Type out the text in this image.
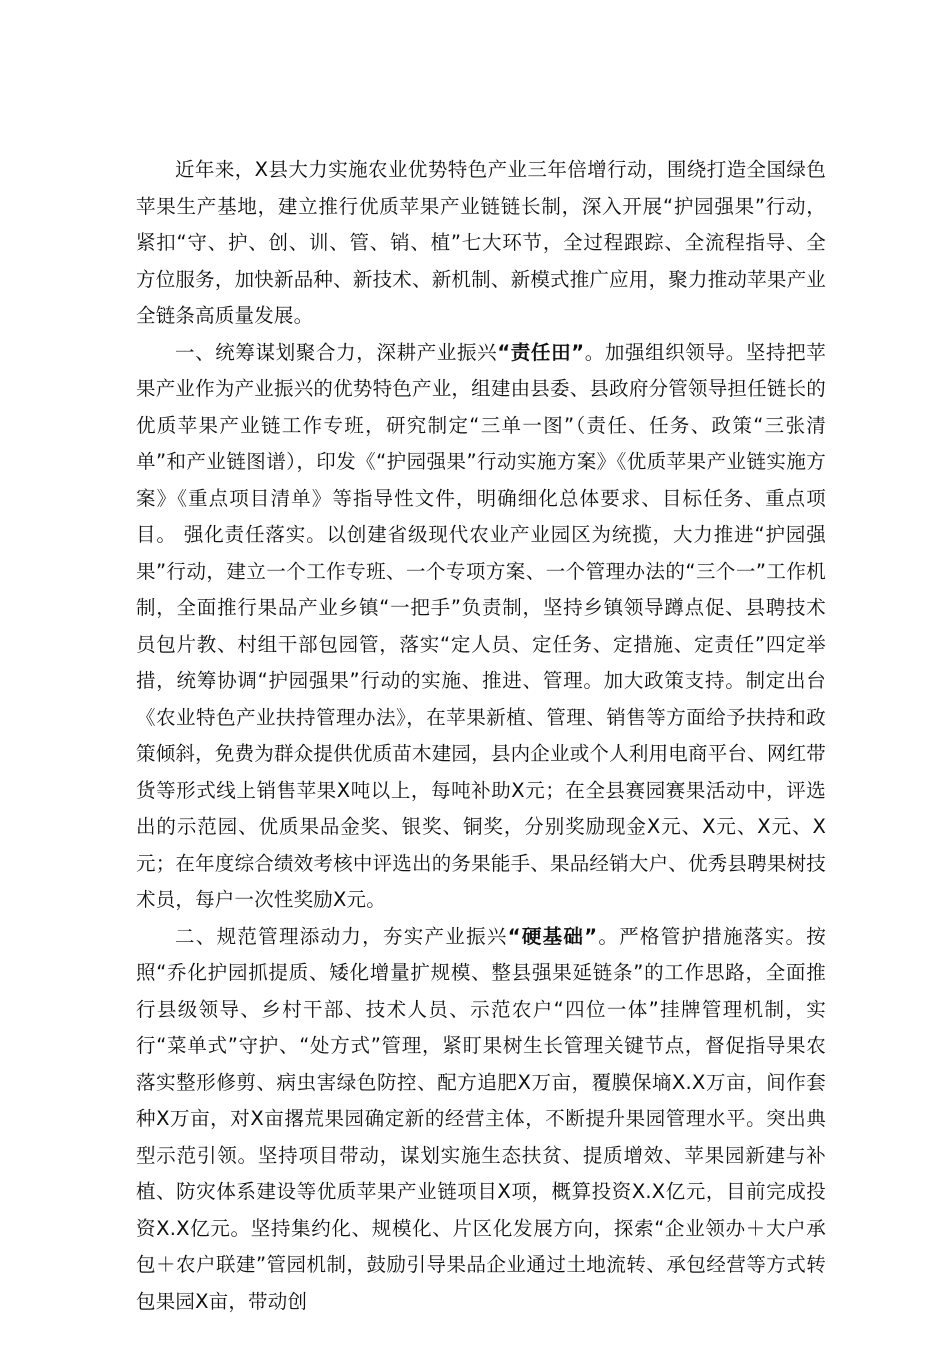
近年来，X县大力实施农业优势特色产业三年倍增行动，围绕打造全国绿色苹果生产基地，建立推行优质苹果产业链链长制，深入开展“护园强果”行动，紧扣“守、护、创、训、管、销、植”七大环节，全过程跟踪、全流程指导、全方位服务，加快新品种、新技术、新机制、新模式推广应用，聚力推动苹果产业全链条高质量发展。

一、统筹谋划聚合力，深耕产业振兴“责任田”。加强组织领导。坚持把苹果产业作为产业振兴的优势特色产业，组建由县委、县政府分管领导担任链长的优质苹果产业链工作专班，研究制定“三单一图”（责任、任务、政策“三张清单”和产业链图谱），印发《“护园强果”行动实施方案》《优质苹果产业链实施方案》《重点项目清单》等指导性文件，明确细化总体要求、目标任务、重点项目。 强化责任落实。以创建省级现代农业产业园区为统揽，大力推进“护园强果”行动，建立一个工作专班、一个专项方案、一个管理办法的“三个一”工作机制，全面推行果品产业乡镇“一把手”负责制，坚持乡镇领导蹲点促、县聘技术员包片教、村组干部包园管，落实“定人员、定任务、定措施、定责任”四定举措，统筹协调“护园强果”行动的实施、推进、管理。加大政策支持。制定出台《农业特色产业扶持管理办法》，在苹果新植、管理、销售等方面给予扶持和政策倾斜，免费为群众提供优质苗木建园，县内企业或个人利用电商平台、网红带货等形式线上销售苹果X吨以上，每吨补助X元；在全县赛园赛果活动中，评选出的示范园、优质果品金奖、银奖、铜奖，分别奖励现金X元、X元、X元、X元；在年度综合绩效考核中评选出的务果能手、果品经销大户、优秀县聘果树技术员，每户一次性奖励X元。

二、规范管理添动力，夯实产业振兴“硬基础”。严格管护措施落实。按照“乔化护园抓提质、矮化增量扩规模、整县强果延链条”的工作思路，全面推行县级领导、乡村干部、技术人员、示范农户“四位一体”挂牌管理机制，实行“菜单式”守护、“处方式”管理，紧盯果树生长管理关键节点，督促指导果农落实整形修剪、病虫害绿色防控、配方追肥X万亩，覆膜保墒X.X万亩，间作套种X万亩，对X亩撂荒果园确定新的经营主体，不断提升果园管理水平。突出典型示范引领。坚持项目带动，谋划实施生态扶贫、提质增效、苹果园新建与补植、防灾体系建设等优质苹果产业链项目X项，概算投资X.X亿元，目前完成投资X.X亿元。坚持集约化、规模化、片区化发展方向，探索“企业领办＋大户承包＋农户联建”管园机制，鼓励引导果品企业通过土地流转、承包经营等方式转包果园X亩，带动创
